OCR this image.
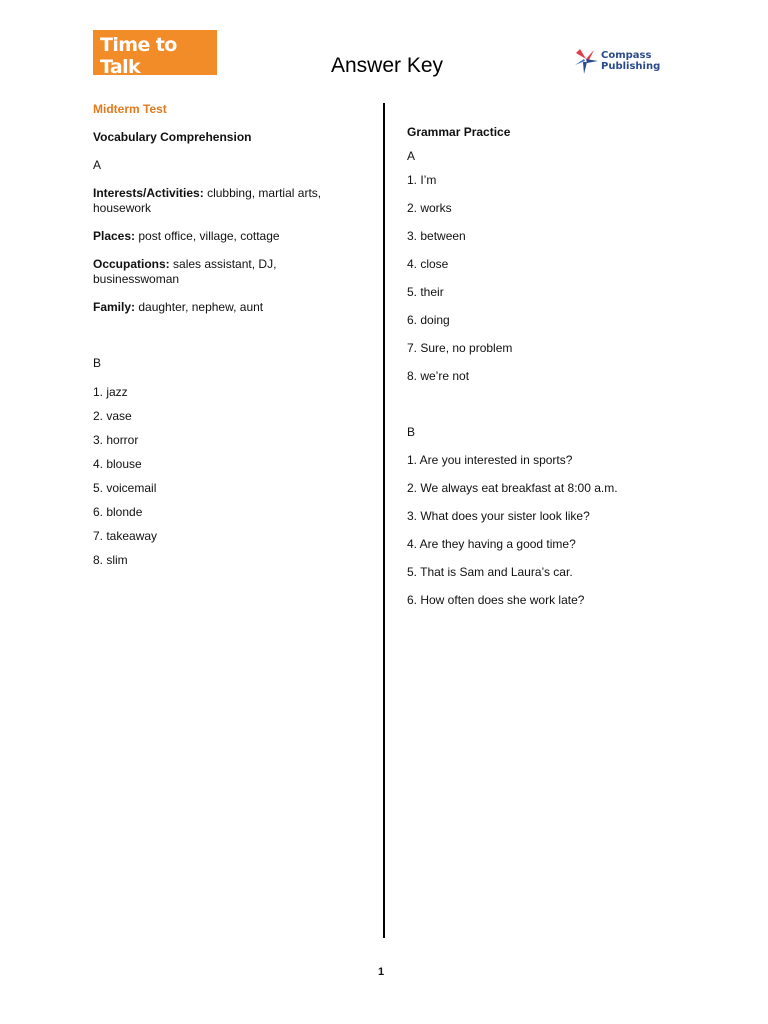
Time to Talk
21st Century Communication Skills
Answer Key	Compass
Publishing

Midterm Test

Vocabulary Comprehension

A

Interests/Activities: clubbing, martial arts, housework

Places: post office, village, cottage

Occupations: sales assistant, DJ, businesswoman

Family: daughter, nephew, aunt

B

1. jazz

2. vase

3. horror

4. blouse

5. voicemail

6. blonde

7. takeaway

8. slim

Grammar Practice

A

1. I’m

2. works

3. between

4. close

5. their

6. doing

7. Sure, no problem

8. we’re not

B

1. Are you interested in sports?

2. We always eat breakfast at 8:00 a.m.

3. What does your sister look like?

4. Are they having a good time?

5. That is Sam and Laura’s car.

6. How often does she work late?

1
